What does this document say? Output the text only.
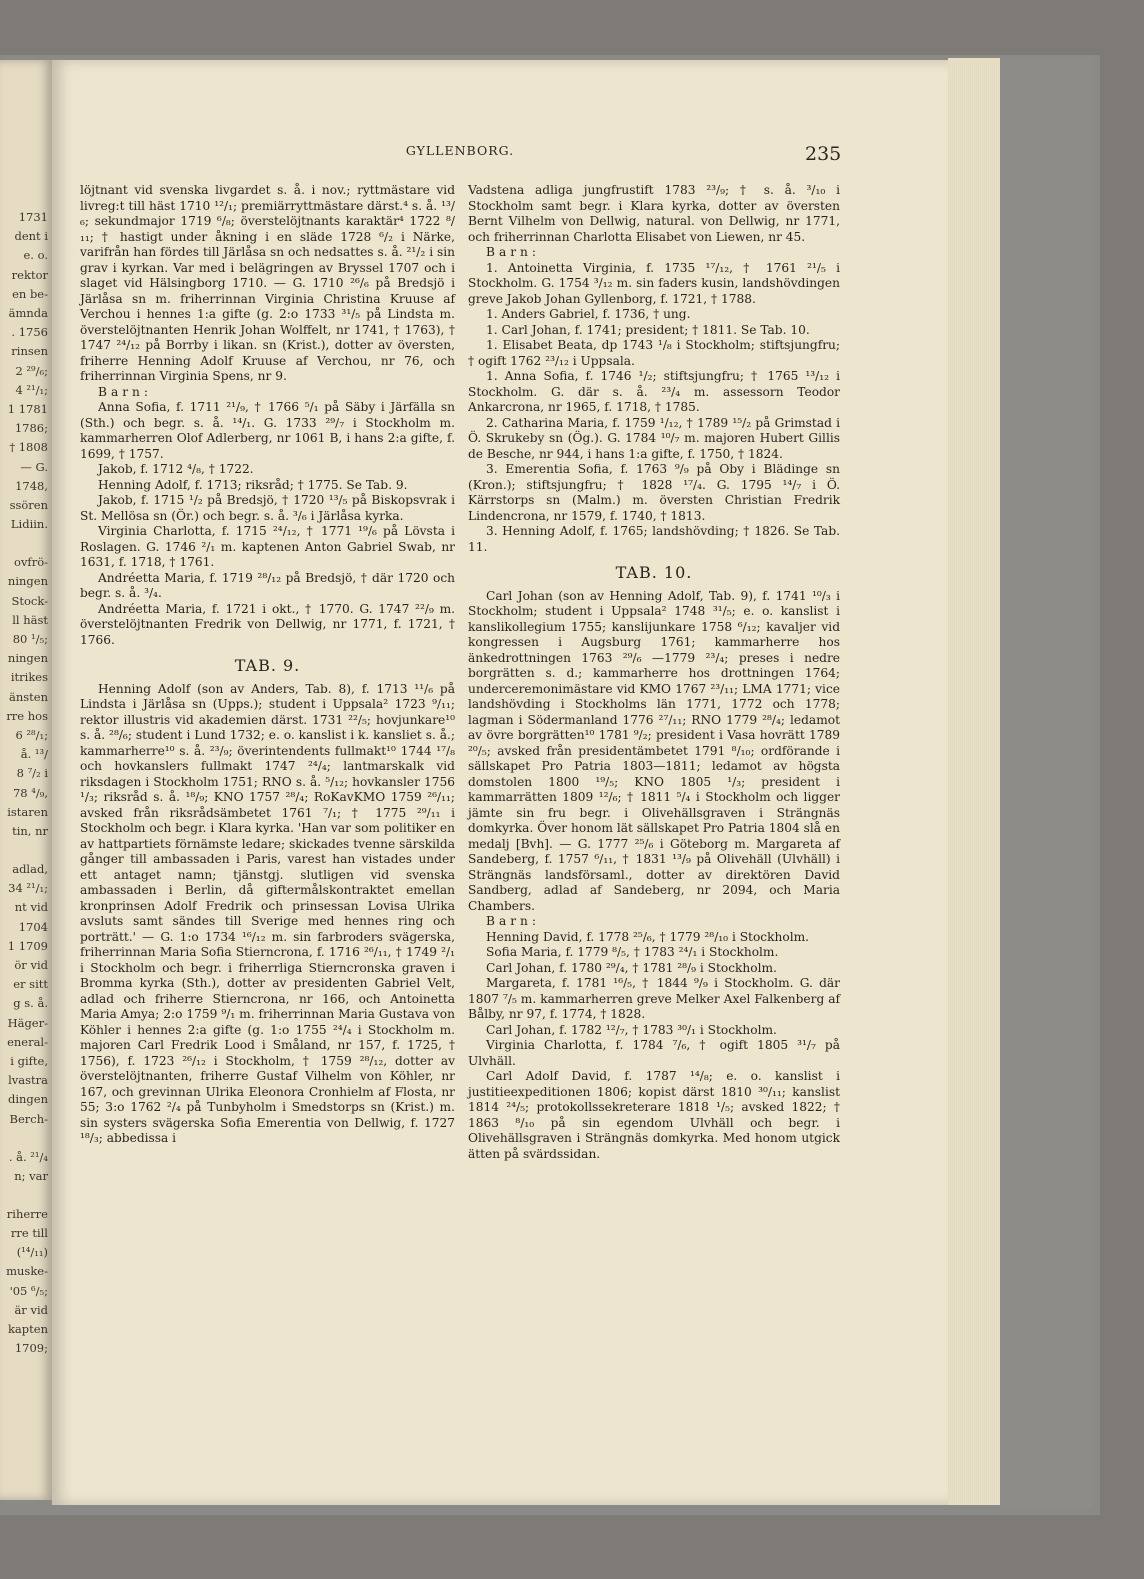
1731
dent i
e. o.
rektor
en be-
ämnda
. 1756
rinsen
2 ²⁹/₆;
4 ²¹/₁;
1 1781
1786;
† 1808
— G.
1748,
ssören
Lidiin.
ovfrö-
ningen
Stock-
ll häst
80 ¹/₅;
ningen
itrikes
änsten
rre hos
6 ²⁸/₁;
å. ¹³/
8 ⁷/₂ i
78 ⁴/₉,
istaren
tin, nr
adlad,
34 ²¹/₁;
nt vid
1704
1 1709
ör vid
er sitt
g s. å.
Häger-
eneral-
i gifte,
lvastra
dingen
Berch-
. å. ²¹/₄
n; var
riherre
rre till
(¹⁴/₁₁)
muske-
'05 ⁶/₅;
är vid
kapten
1709;
GYLLENBORG.	235

löjtnant vid svenska livgardet s. å. i nov.; ryttmästare vid livreg:t till häst 1710 ¹²/₁; premiärryttmästare därst.⁴ s. å. ¹³/₆; sekundmajor 1719 ⁶/₈; överstelöjtnants karaktär⁴ 1722 ⁸/₁₁; † hastigt under åkning i en släde 1728 ⁶/₂ i Närke, varifrån han fördes till Järlåsa sn och nedsattes s. å. ²¹/₂ i sin grav i kyrkan. Var med i belägringen av Bryssel 1707 och i slaget vid Hälsingborg 1710. — G. 1710 ²⁶/₆ på Bredsjö i Järlåsa sn m. friherrinnan Virginia Christina Kruuse af Verchou i hennes 1:a gifte (g. 2:o 1733 ³¹/₅ på Lindsta m. överstelöjtnanten Henrik Johan Wolffelt, nr 1741, † 1763), † 1747 ²⁴/₁₂ på Borrby i likan. sn (Krist.), dotter av översten, friherre Henning Adolf Kruuse af Verchou, nr 76, och friherrinnan Virginia Spens, nr 9.

Barn:

Anna Sofia, f. 1711 ²¹/₉, † 1766 ⁵/₁ på Säby i Järfälla sn (Sth.) och begr. s. å. ¹⁴/₁. G. 1733 ²⁹/₇ i Stockholm m. kammarherren Olof Adlerberg, nr 1061 B, i hans 2:a gifte, f. 1699, † 1757.

Jakob, f. 1712 ⁴/₈, † 1722.

Henning Adolf, f. 1713; riksråd; † 1775. Se Tab. 9.

Jakob, f. 1715 ¹/₂ på Bredsjö, † 1720 ¹³/₅ på Biskopsvrak i St. Mellösa sn (Ör.) och begr. s. å. ³/₆ i Järlåsa kyrka.

Virginia Charlotta, f. 1715 ²⁴/₁₂, † 1771 ¹⁹/₆ på Lövsta i Roslagen. G. 1746 ²/₁ m. kaptenen Anton Gabriel Swab, nr 1631, f. 1718, † 1761.

Andréetta Maria, f. 1719 ²⁸/₁₂ på Bredsjö, † där 1720 och begr. s. å. ³/₄.

Andréetta Maria, f. 1721 i okt., † 1770. G. 1747 ²²/₉ m. överstelöjtnanten Fredrik von Dellwig, nr 1771, f. 1721, † 1766.

TAB. 9.

Henning Adolf (son av Anders, Tab. 8), f. 1713 ¹¹/₆ på Lindsta i Järlåsa sn (Upps.); student i Uppsala² 1723 ⁹/₁₁; rektor illustris vid akademien därst. 1731 ²²/₅; hovjunkare¹⁰ s. å. ²⁸/₆; student i Lund 1732; e. o. kanslist i k. kansliet s. å.; kammarherre¹⁰ s. å. ²³/₉; överintendents fullmakt¹⁰ 1744 ¹⁷/₈ och hovkanslers fullmakt 1747 ²⁴/₄; lantmarskalk vid riksdagen i Stockholm 1751; RNO s. å. ⁵/₁₂; hovkansler 1756 ¹/₃; riksråd s. å. ¹⁸/₉; KNO 1757 ²⁸/₄; RoKavKMO 1759 ²⁶/₁₁; avsked från riksrådsämbetet 1761 ⁷/₁; † 1775 ²⁹/₁₁ i Stockholm och begr. i Klara kyrka. 'Han var som politiker en av hattpartiets förnämste ledare; skickades tvenne särskilda gånger till ambassaden i Paris, varest han vistades under ett antaget namn; tjänstgj. slutligen vid svenska ambassaden i Berlin, då giftermålskontraktet emellan kronprinsen Adolf Fredrik och prinsessan Lovisa Ulrika avsluts samt sändes till Sverige med hennes ring och porträtt.' — G. 1:o 1734 ¹⁶/₁₂ m. sin farbroders svägerska, friherrinnan Maria Sofia Stierncrona, f. 1716 ²⁶/₁₁, † 1749 ²/₁ i Stockholm och begr. i friherrliga Stierncronska graven i Bromma kyrka (Sth.), dotter av presidenten Gabriel Velt, adlad och friherre Stierncrona, nr 166, och Antoinetta Maria Amya; 2:o 1759 ⁹/₁ m. friherrinnan Maria Gustava von Köhler i hennes 2:a gifte (g. 1:o 1755 ²⁴/₄ i Stockholm m. majoren Carl Fredrik Lood i Småland, nr 157, f. 1725, † 1756), f. 1723 ²⁶/₁₂ i Stockholm, † 1759 ²⁸/₁₂, dotter av överstelöjtnanten, friherre Gustaf Vilhelm von Köhler, nr 167, och grevinnan Ulrika Eleonora Cronhielm af Flosta, nr 55; 3:o 1762 ²/₄ på Tunbyholm i Smedstorps sn (Krist.) m. sin systers svägerska Sofia Emerentia von Dellwig, f. 1727 ¹⁸/₃; abbedissa i

Vadstena adliga jungfrustift 1783 ²³/₉; † s. å. ³/₁₀ i Stockholm samt begr. i Klara kyrka, dotter av översten Bernt Vilhelm von Dellwig, natural. von Dellwig, nr 1771, och friherrinnan Charlotta Elisabet von Liewen, nr 45.

Barn:

1. Antoinetta Virginia, f. 1735 ¹⁷/₁₂, † 1761 ²¹/₅ i Stockholm. G. 1754 ³/₁₂ m. sin faders kusin, landshövdingen greve Jakob Johan Gyllenborg, f. 1721, † 1788.

1. Anders Gabriel, f. 1736, † ung.

1. Carl Johan, f. 1741; president; † 1811. Se Tab. 10.

1. Elisabet Beata, dp 1743 ¹/₈ i Stockholm; stiftsjungfru; † ogift 1762 ²³/₁₂ i Uppsala.

1. Anna Sofia, f. 1746 ¹/₂; stiftsjungfru; † 1765 ¹³/₁₂ i Stockholm. G. där s. å. ²³/₄ m. assessorn Teodor Ankarcrona, nr 1965, f. 1718, † 1785.

2. Catharina Maria, f. 1759 ¹/₁₂, † 1789 ¹⁵/₂ på Grimstad i Ö. Skrukeby sn (Ög.). G. 1784 ¹⁰/₇ m. majoren Hubert Gillis de Besche, nr 944, i hans 1:a gifte, f. 1750, † 1824.

3. Emerentia Sofia, f. 1763 ⁹/₉ på Oby i Blädinge sn (Kron.); stiftsjungfru; † 1828 ¹⁷/₄. G. 1795 ¹⁴/₇ i Ö. Kärrstorps sn (Malm.) m. översten Christian Fredrik Lindencrona, nr 1579, f. 1740, † 1813.

3. Henning Adolf, f. 1765; landshövding; † 1826. Se Tab. 11.

TAB. 10.

Carl Johan (son av Henning Adolf, Tab. 9), f. 1741 ¹⁰/₃ i Stockholm; student i Uppsala² 1748 ³¹/₅; e. o. kanslist i kanslikollegium 1755; kanslijunkare 1758 ⁶/₁₂; kavaljer vid kongressen i Augsburg 1761; kammarherre hos änkedrottningen 1763 ²⁹/₆ —1779 ²³/₄; preses i nedre borgrätten s. d.; kammarherre hos drottningen 1764; underceremonimästare vid KMO 1767 ²³/₁₁; LMA 1771; vice landshövding i Stockholms län 1771, 1772 och 1778; lagman i Södermanland 1776 ²⁷/₁₁; RNO 1779 ²⁸/₄; ledamot av övre borgrätten¹⁰ 1781 ⁹/₂; president i Vasa hovrätt 1789 ²⁰/₅; avsked från presidentämbetet 1791 ⁸/₁₀; ordförande i sällskapet Pro Patria 1803—1811; ledamot av högsta domstolen 1800 ¹⁹/₅; KNO 1805 ¹/₃; president i kammarrätten 1809 ¹²/₆; † 1811 ⁵/₄ i Stockholm och ligger jämte sin fru begr. i Olivehällsgraven i Strängnäs domkyrka. Över honom lät sällskapet Pro Patria 1804 slå en medalj [Bvh]. — G. 1777 ²⁵/₆ i Göteborg m. Margareta af Sandeberg, f. 1757 ⁶/₁₁, † 1831 ¹³/₉ på Olivehäll (Ulvhäll) i Strängnäs landsförsaml., dotter av direktören David Sandberg, adlad af Sandeberg, nr 2094, och Maria Chambers.

Barn:

Henning David, f. 1778 ²⁵/₆, † 1779 ²⁸/₁₀ i Stockholm.

Sofia Maria, f. 1779 ⁸/₅, † 1783 ²⁴/₁ i Stockholm.

Carl Johan, f. 1780 ²⁹/₄, † 1781 ²⁸/₉ i Stockholm.

Margareta, f. 1781 ¹⁶/₅, † 1844 ⁹/₉ i Stockholm. G. där 1807 ⁷/₅ m. kammarherren greve Melker Axel Falkenberg af Bålby, nr 97, f. 1774, † 1828.

Carl Johan, f. 1782 ¹²/₇, † 1783 ³⁰/₁ i Stockholm.

Virginia Charlotta, f. 1784 ⁷/₆, † ogift 1805 ³¹/₇ på Ulvhäll.

Carl Adolf David, f. 1787 ¹⁴/₈; e. o. kanslist i justitieexpeditionen 1806; kopist därst 1810 ³⁰/₁₁; kanslist 1814 ²⁴/₅; protokollssekreterare 1818 ¹/₅; avsked 1822; † 1863 ⁸/₁₀ på sin egendom Ulvhäll och begr. i Olivehällsgraven i Strängnäs domkyrka. Med honom utgick ätten på svärdssidan.
